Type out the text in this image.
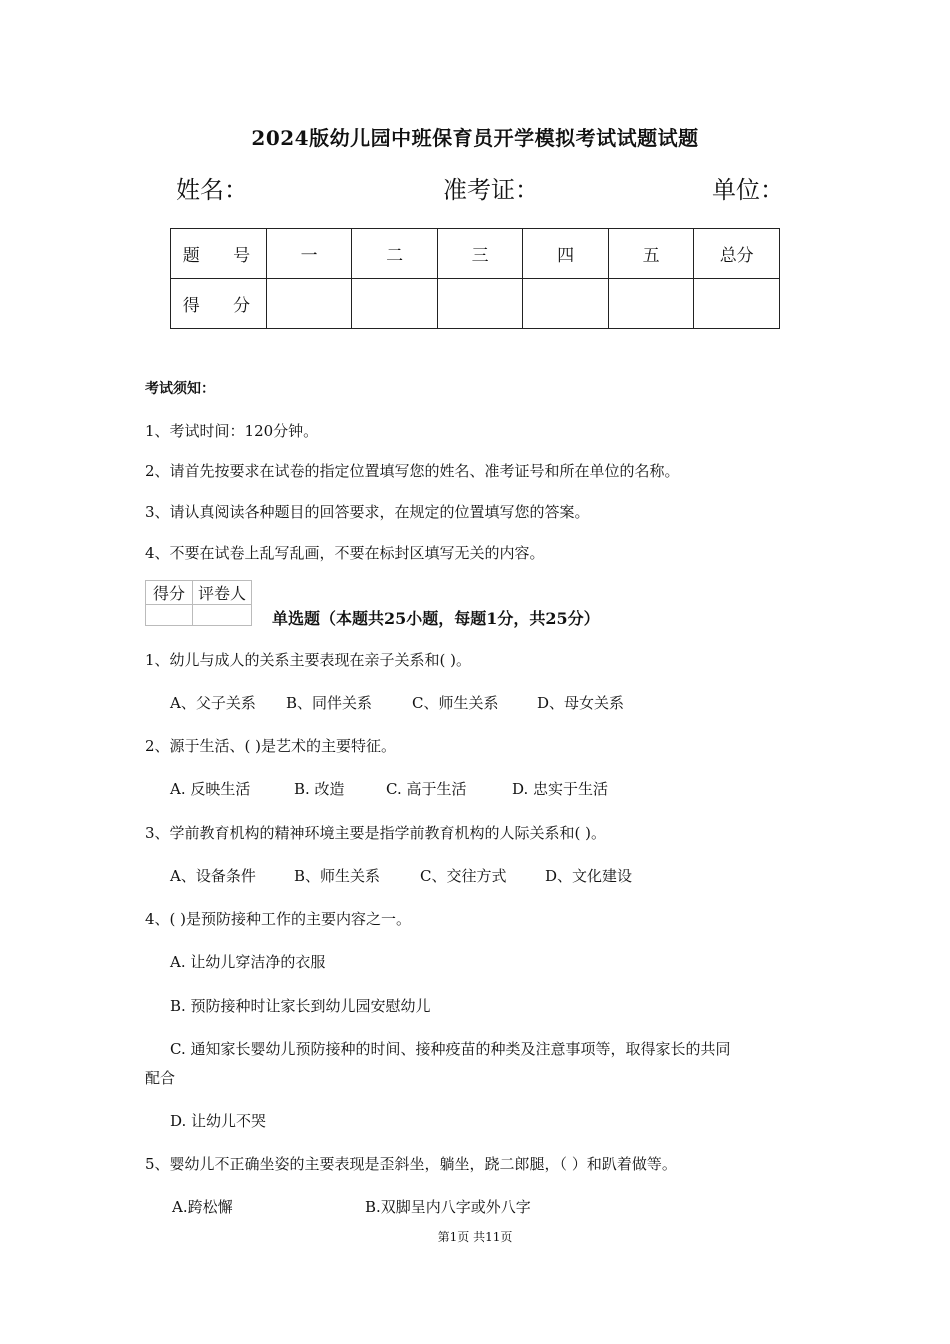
2024版幼儿园中班保育员开学模拟考试试题试题
姓名：	准考证：	单位：
题 号	一	二	三	四	五	总分
得 分						
考试须知：
1、考试时间：120分钟。
2、请首先按要求在试卷的指定位置填写您的姓名、准考证号和所在单位的名称。
3、请认真阅读各种题目的回答要求，在规定的位置填写您的答案。
4、不要在试卷上乱写乱画，不要在标封区填写无关的内容。
得分	评卷人

单选题（本题共25小题，每题1分，共25分）
1、幼儿与成人的关系主要表现在亲子关系和( )。
A、父子关系 B、同伴关系	C、师生关系	D、母女关系
2、源于生活、( )是艺术的主要特征。
A. 反映生活	B. 改造	C. 高于生活	D. 忠实于生活
3、学前教育机构的精神环境主要是指学前教育机构的人际关系和( )。
A、设备条件	B、师生关系	C、交往方式	D、文化建设
4、( )是预防接种工作的主要内容之一。
A. 让幼儿穿洁净的衣服
B. 预防接种时让家长到幼儿园安慰幼儿
C. 通知家长婴幼儿预防接种的时间、接种疫苗的种类及注意事项等，取得家长的共同
配合
D. 让幼儿不哭
5、婴幼儿不正确坐姿的主要表现是歪斜坐，躺坐，跷二郎腿，（ ）和趴着做等。
A.跨松懈	B.双脚呈内八字或外八字
第1页 共11页
